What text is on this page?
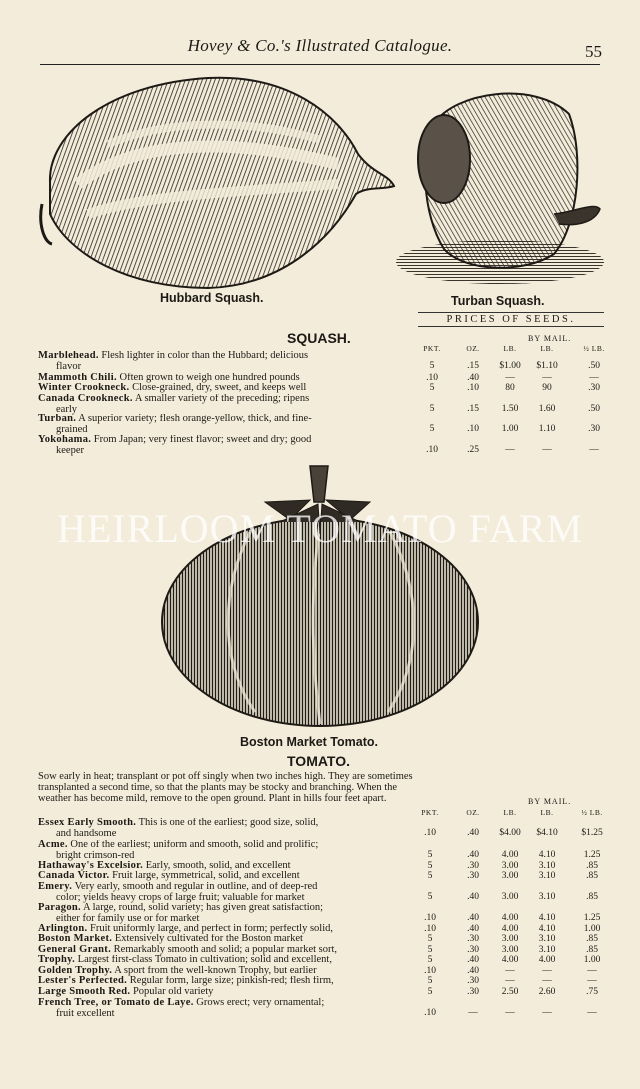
Hovey & Co.'s Illustrated Catalogue.	55
Hubbard Squash.	Turban Squash.
SQUASH.
PRICES OF SEEDS.
BY MAIL.
PKT.	OZ.	LB.	LB.	½ LB.
Marblehead. Flesh lighter in color than the Hubbard; delicious
flavor	5	.15	$1.00	$1.10	.50
Mammoth Chili. Often grown to weigh one hundred pounds	.10	.40	—	—	—
Winter Crookneck. Close-grained, dry, sweet, and keeps well	5	.10	80	90	.30
Canada Crookneck. A smaller variety of the preceding; ripens
early	5	.15	1.50	1.60	.50
Turban. A superior variety; flesh orange-yellow, thick, and fine-
grained	5	.10	1.00	1.10	.30
Yokohama. From Japan; very finest flavor; sweet and dry; good
keeper	.10	.25	—	—	—
HEIRLOOM TOMATO FARM
Boston Market Tomato.
TOMATO.
Sow early in heat; transplant or pot off singly when two inches high. They are sometimes transplanted a second time, so that the plants may be stocky and branching. When the weather has become mild, remove to the open ground. Plant in hills four feet apart.	BY MAIL.
PKT.	OZ.	LB.	LB.	½ LB.
Essex Early Smooth. This is one of the earliest; good size, solid,
and handsome	.10	.40	$4.00	$4.10	$1.25
Acme. One of the earliest; uniform and smooth, solid and prolific;
bright crimson-red	5	.40	4.00	4.10	1.25
Hathaway's Excelsior. Early, smooth, solid, and excellent	5	.30	3.00	3.10	.85
Canada Victor. Fruit large, symmetrical, solid, and excellent	5	.30	3.00	3.10	.85
Emery. Very early, smooth and regular in outline, and of deep-red
color; yields heavy crops of large fruit; valuable for market	5	.40	3.00	3.10	.85
Paragon. A large, round, solid variety; has given great satisfaction;
either for family use or for market	.10	.40	4.00	4.10	1.25
Arlington. Fruit uniformly large, and perfect in form; perfectly solid,	.10	.40	4.00	4.10	1.00
Boston Market. Extensively cultivated for the Boston market	5	.30	3.00	3.10	.85
General Grant. Remarkably smooth and solid; a popular market sort,	5	.30	3.00	3.10	.85
Trophy. Largest first-class Tomato in cultivation; solid and excellent,	5	.40	4.00	4.00	1.00
Golden Trophy. A sport from the well-known Trophy, but earlier	.10	.40	—	—	—
Lester's Perfected. Regular form, large size; pinkish-red; flesh firm,	5	.30	—	—	—
Large Smooth Red. Popular old variety	5	.30	2.50	2.60	.75
French Tree, or Tomato de Laye. Grows erect; very ornamental;
fruit excellent	.10	—	—	—	—
